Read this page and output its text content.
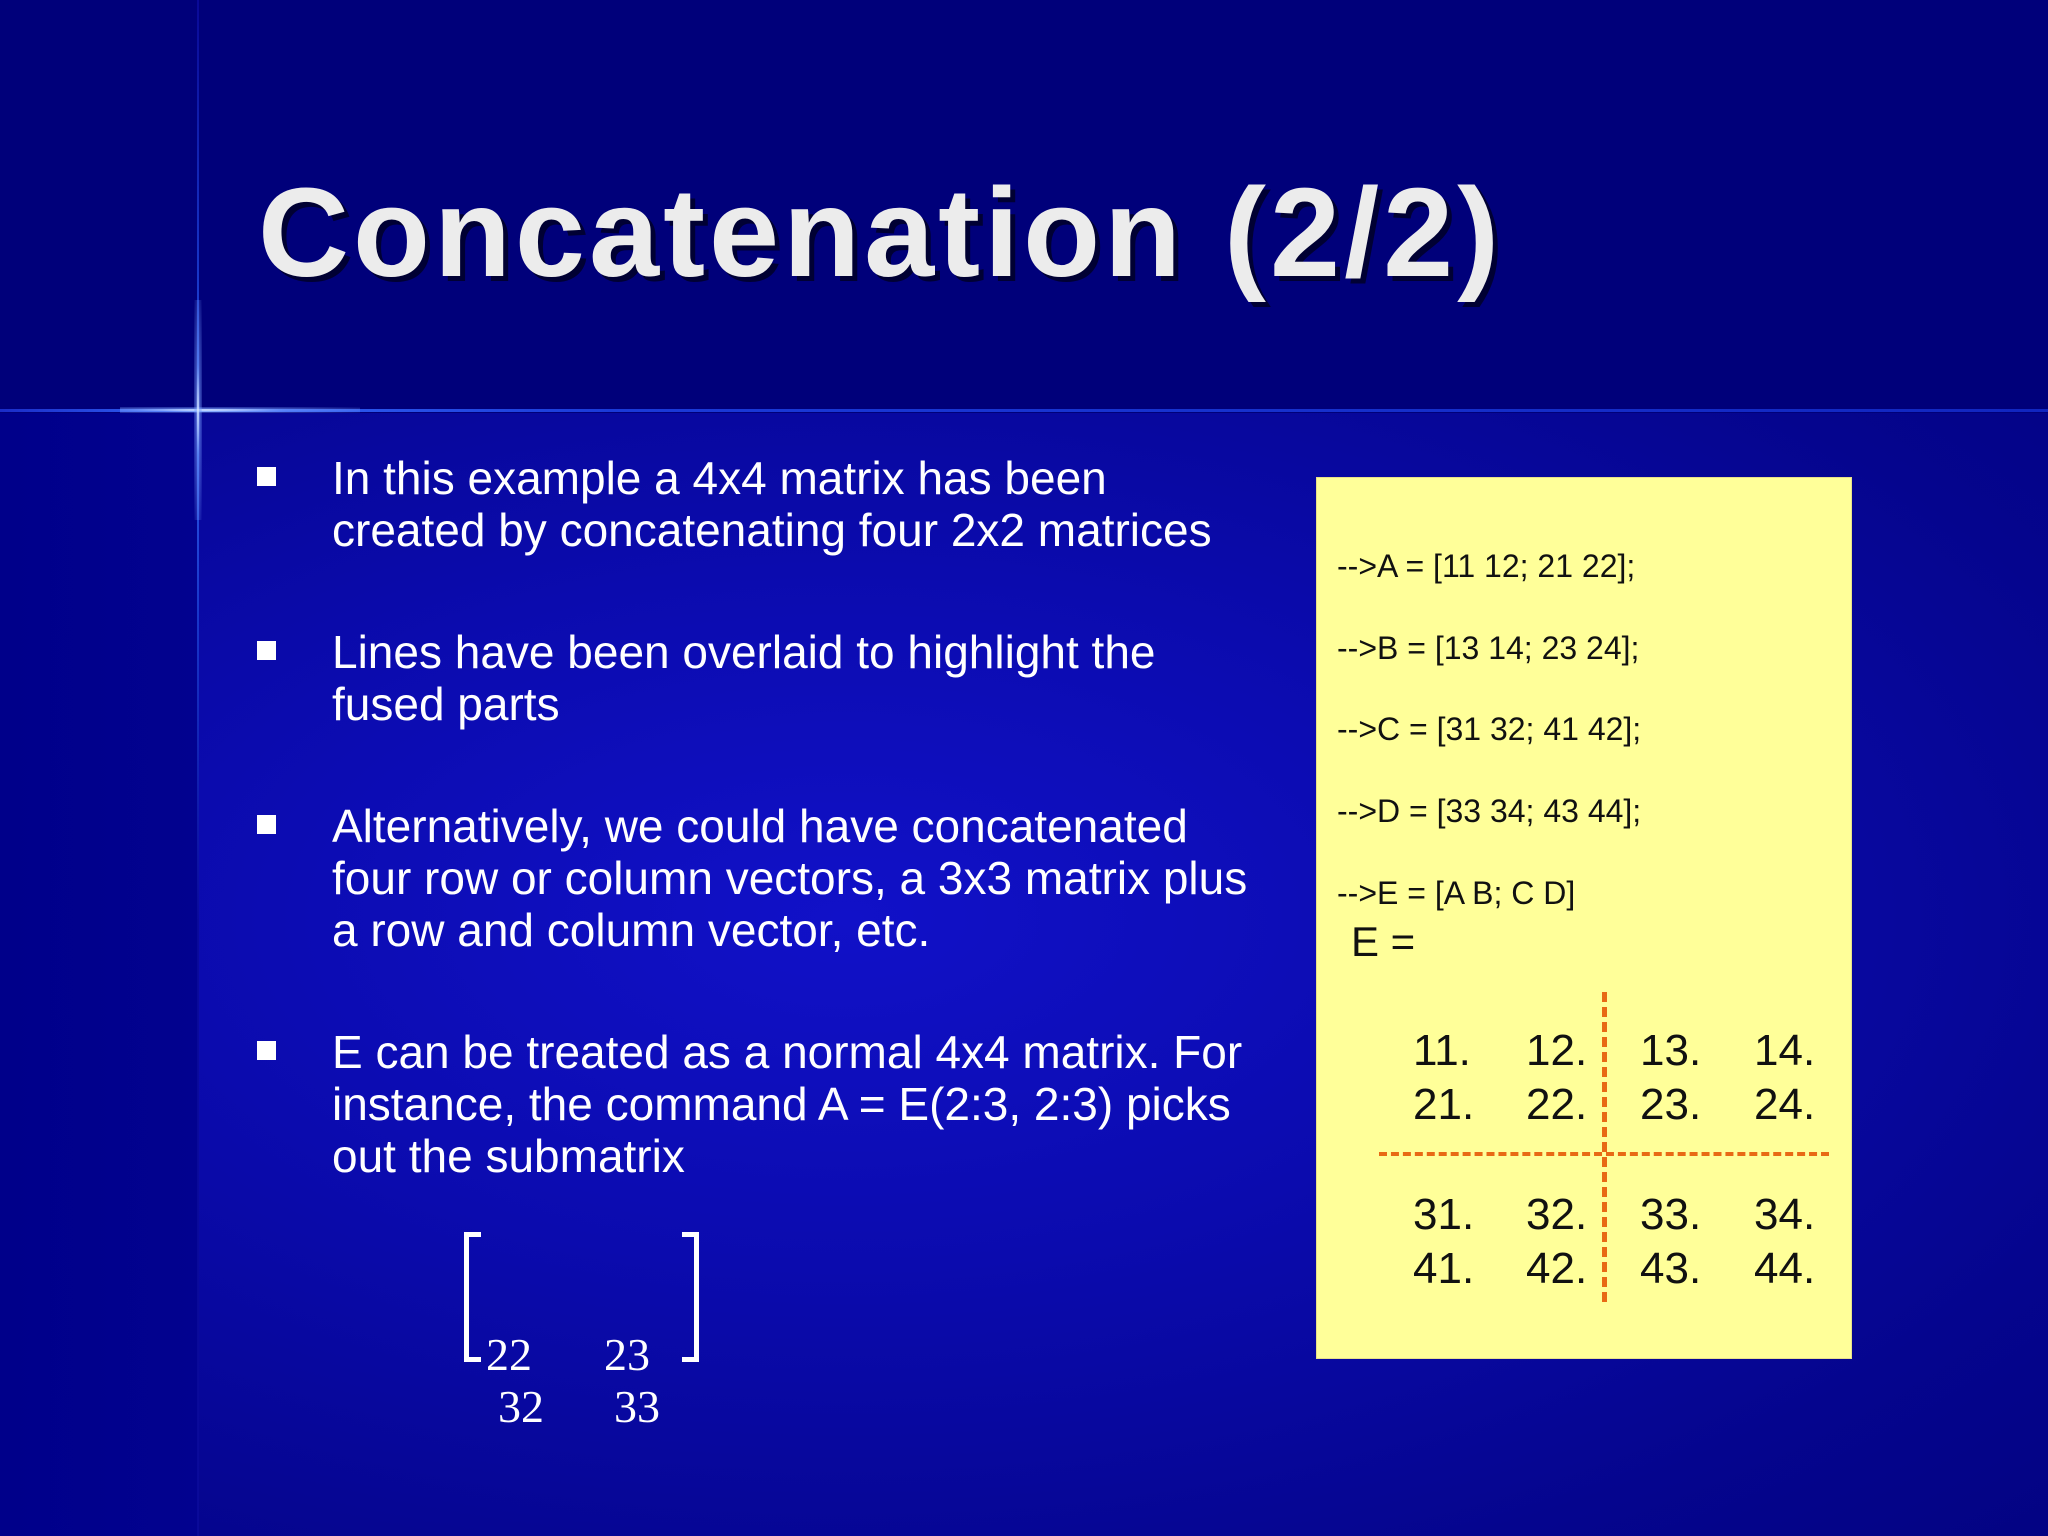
Concatenation (2/2)
In this example a 4x4 matrix has been created by concatenating four 2x2 matrices
Lines have been overlaid to highlight the fused parts
Alternatively, we could have concatenated four row or column vectors, a 3x3 matrix plus a row and column vector, etc.
E can be treated as a normal 4x4 matrix. For instance, the command A = E(2:3, 2:3) picks out the submatrix
22 23
32 33
-->A = [11 12; 21 22];
-->B = [13 14; 23 24];
-->C = [31 32; 41 42];
-->D = [33 34; 43 44];
-->E = [A B; C D]
E =
11. 12. 13. 14.
21. 22. 23. 24.
31. 32. 33. 34.
41. 42. 43. 44.
